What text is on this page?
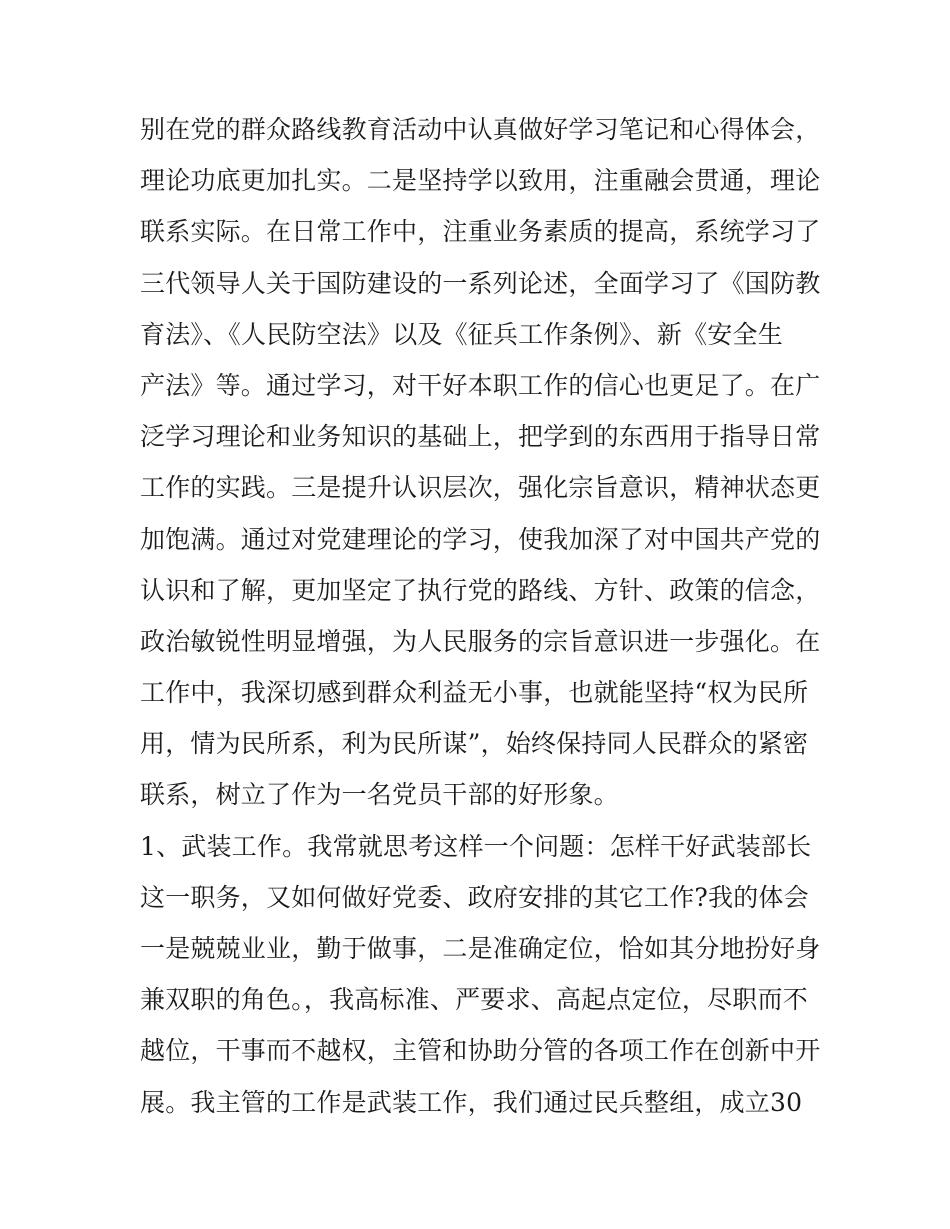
别在党的群众路线教育活动中认真做好学习笔记和心得体会，
理论功底更加扎实。二是坚持学以致用，注重融会贯通，理论
联系实际。在日常工作中，注重业务素质的提高，系统学习了
三代领导人关于国防建设的一系列论述，全面学习了《国防教
育法》、《人民防空法》以及《征兵工作条例》、新《安全生
产法》等。通过学习，对干好本职工作的信心也更足了。在广
泛学习理论和业务知识的基础上，把学到的东西用于指导日常
工作的实践。三是提升认识层次，强化宗旨意识，精神状态更
加饱满。通过对党建理论的学习，使我加深了对中国共产党的
认识和了解，更加坚定了执行党的路线、方针、政策的信念，
政治敏锐性明显增强，为人民服务的宗旨意识进一步强化。在
工作中，我深切感到群众利益无小事，也就能坚持“权为民所
用，情为民所系，利为民所谋”，始终保持同人民群众的紧密
联系，树立了作为一名党员干部的好形象。
1、武装工作。我常就思考这样一个问题：怎样干好武装部长
这一职务，又如何做好党委、政府安排的其它工作?我的体会
一是兢兢业业，勤于做事，二是准确定位，恰如其分地扮好身
兼双职的角色。，我高标准、严要求、高起点定位，尽职而不
越位，干事而不越权，主管和协助分管的各项工作在创新中开
展。我主管的工作是武装工作，我们通过民兵整组，成立30
